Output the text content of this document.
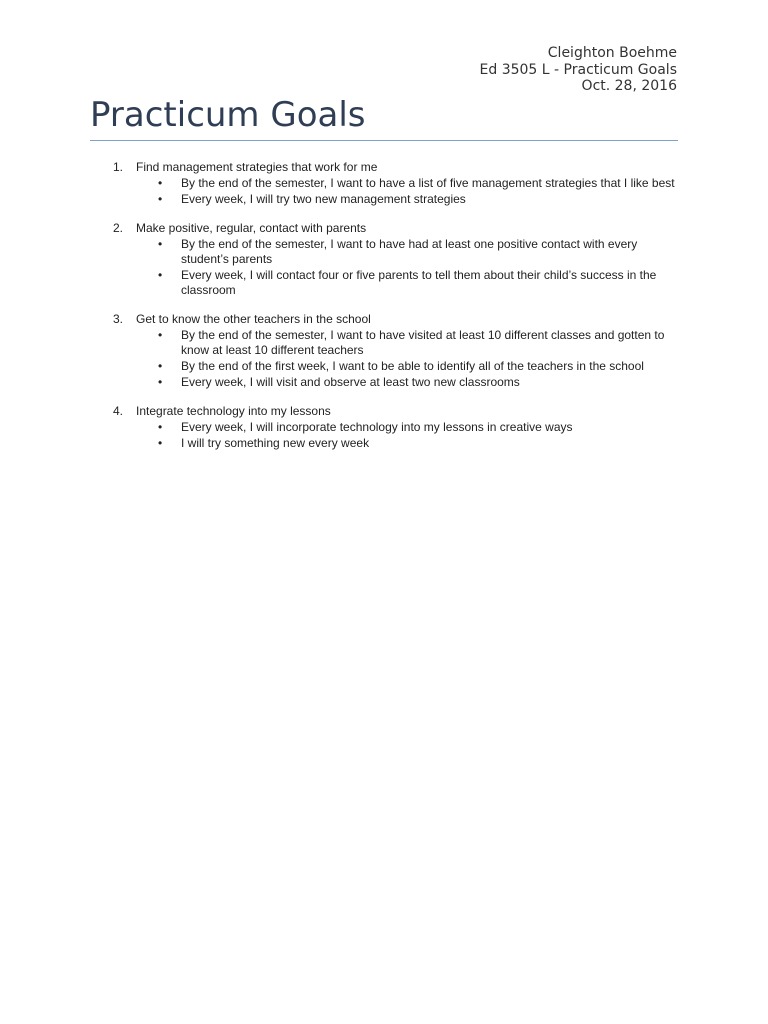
Cleighton Boehme
Ed 3505 L - Practicum Goals
Oct. 28, 2016
Practicum Goals
1. Find management strategies that work for me
• By the end of the semester, I want to have a list of five management strategies that I like best
• Every week, I will try two new management strategies
2. Make positive, regular, contact with parents
• By the end of the semester, I want to have had at least one positive contact with every student’s parents
• Every week, I will contact four or five parents to tell them about their child’s success in the classroom
3. Get to know the other teachers in the school
• By the end of the semester, I want to have visited at least 10 different classes and gotten to know at least 10 different teachers
• By the end of the first week, I want to be able to identify all of the teachers in the school
• Every week, I will visit and observe at least two new classrooms
4. Integrate technology into my lessons
• Every week, I will incorporate technology into my lessons in creative ways
• I will try something new every week
